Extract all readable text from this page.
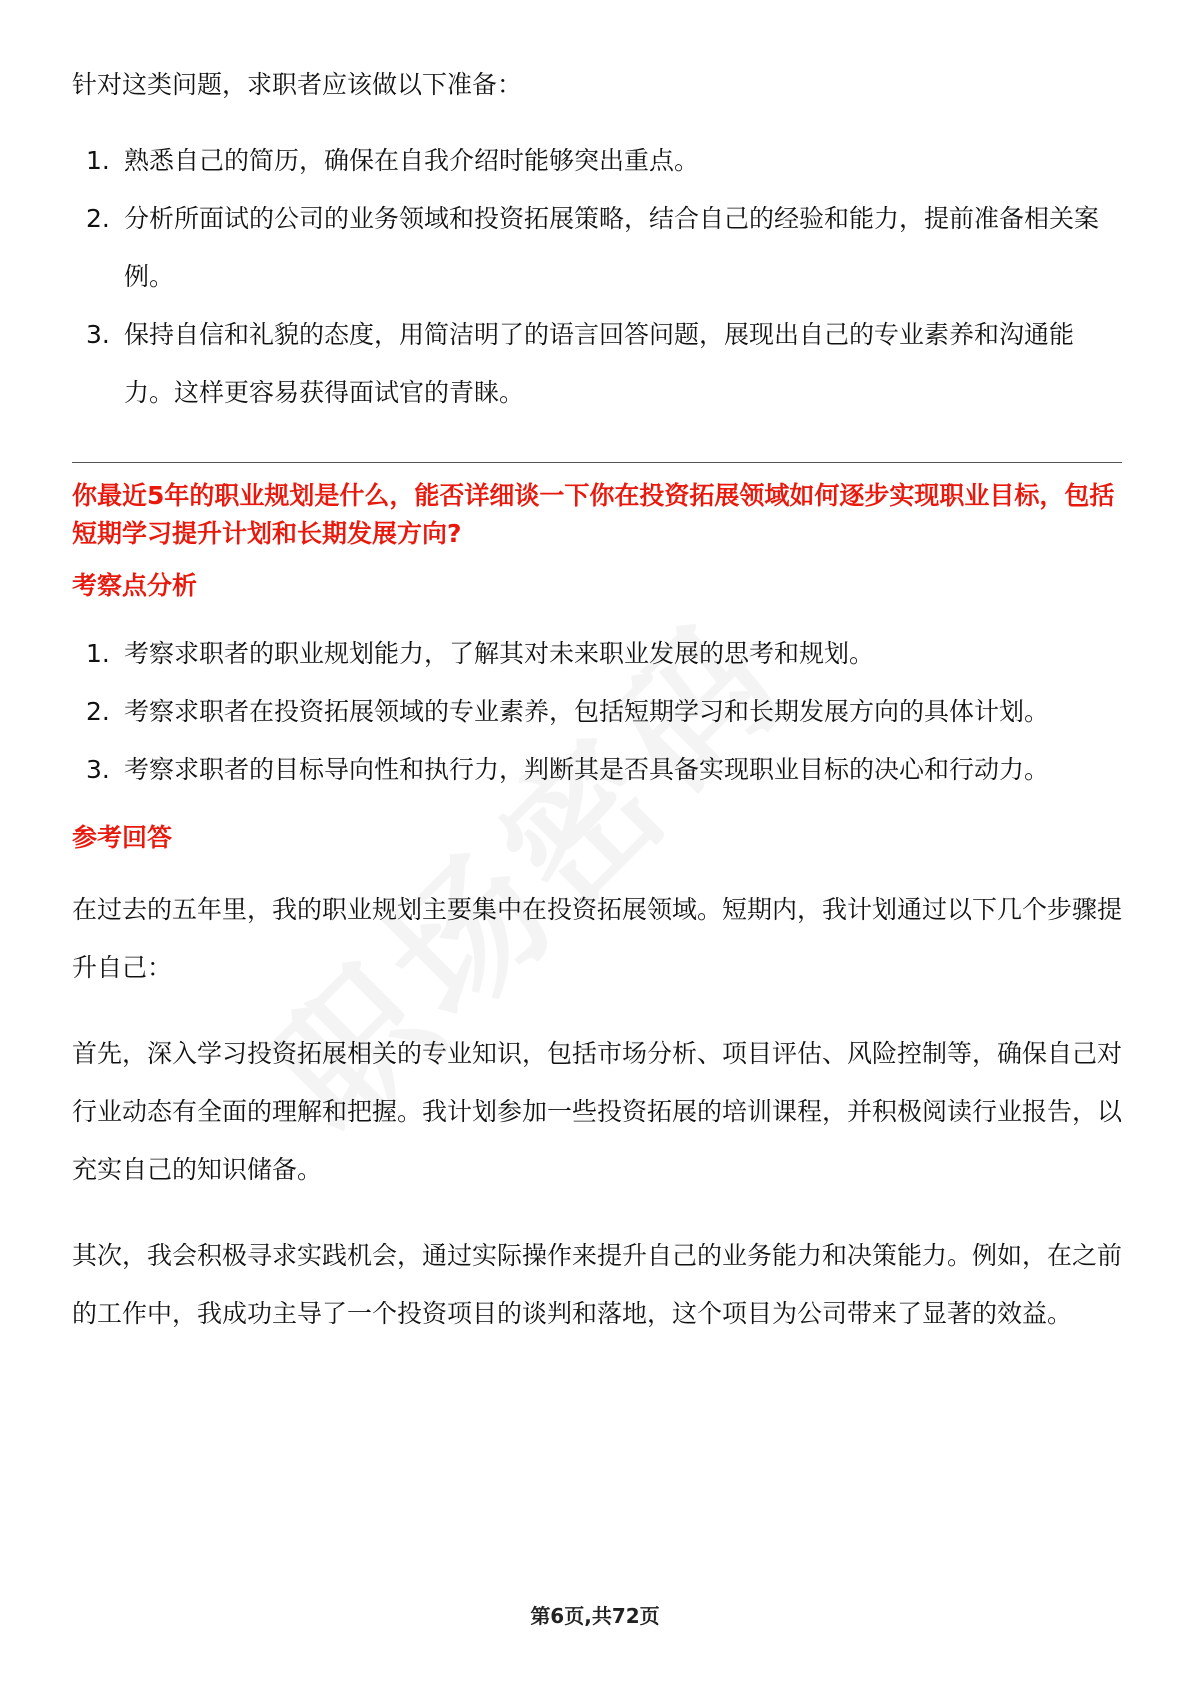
针对这类问题，求职者应该做以下准备：

1. 熟悉自己的简历，确保在自我介绍时能够突出重点。
2. 分析所面试的公司的业务领域和投资拓展策略，结合自己的经验和能力，提前准备相关案例。
3. 保持自信和礼貌的态度，用简洁明了的语言回答问题，展现出自己的专业素养和沟通能力。这样更容易获得面试官的青睐。

你最近5年的职业规划是什么，能否详细谈一下你在投资拓展领域如何逐步实现职业目标，包括短期学习提升计划和长期发展方向?

考察点分析

1. 考察求职者的职业规划能力，了解其对未来职业发展的思考和规划。
2. 考察求职者在投资拓展领域的专业素养，包括短期学习和长期发展方向的具体计划。
3. 考察求职者的目标导向性和执行力，判断其是否具备实现职业目标的决心和行动力。

参考回答

在过去的五年里，我的职业规划主要集中在投资拓展领域。短期内，我计划通过以下几个步骤提升自己：

首先，深入学习投资拓展相关的专业知识，包括市场分析、项目评估、风险控制等，确保自己对行业动态有全面的理解和把握。我计划参加一些投资拓展的培训课程，并积极阅读行业报告，以充实自己的知识储备。

其次，我会积极寻求实践机会，通过实际操作来提升自己的业务能力和决策能力。例如，在之前的工作中，我成功主导了一个投资项目的谈判和落地，这个项目为公司带来了显著的效益。

第6页,共72页
